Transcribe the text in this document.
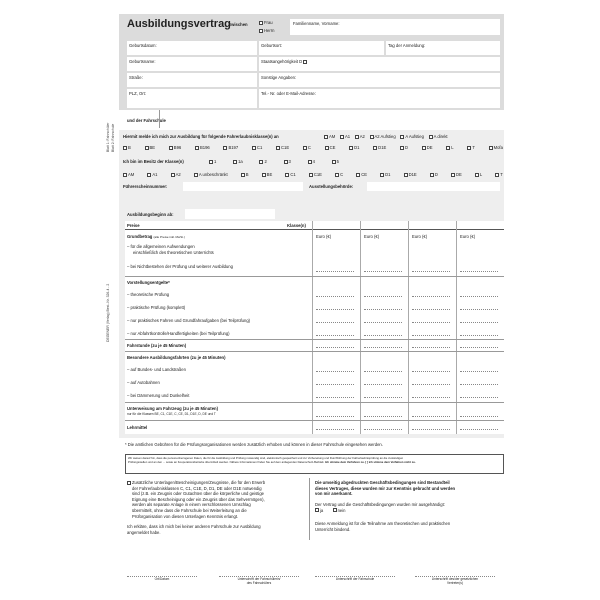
Blatt 1: Fahrschüler Blatt 2: Fahrschule
DEGENER (Verlag) Best.-Nr. 326-4 - 2
Ausbildungsvertrag
zwischen	Frau
Herrn
Familienname, Vorname:
Geburtsdatum:	Geburtsort:	Tag der Anmeldung:
Geburtsname:	Staatsangehörigkeit D
Straße:	Sonstige Angaben:
PLZ, Ort:	Tel.- Nr. oder E-Mail-Adresse:
und der Fahrschule
Hiermit melde ich mich zur Ausbildung für folgende Fahrerlaubnisklasse(n) an	AM A1 A2 A2 Aufstieg A Aufstieg A direkt
B	BE	B96	B196	B197	C1	C1E	C	CE	D1	D1E	D	DE	L	T	Mofa
Ich bin im Besitz der Klasse(n)	1	1a	2	3	4	5
AM	A1	A2	A unbeschränkt	B	BE	C1	C1E	C	CE	D1	D1E	D	DE	L	T
Führerscheinnummer:	Ausstellungsbehörde:
Ausbildungsbeginn ab:
Preise	Klasse(n)
Grundbetrag (alle Preise inkl. MwSt.)	Euro (€)	Euro (€)	Euro (€)	Euro (€)
– für die allgemeinen Aufwendungen
einschließlich des theoretischen Unterrichts
– bei Nichtbestehen der Prüfung und weiterer Ausbildung
Vorstellungsentgelte*
– theoretische Prüfung
– praktische Prüfung (komplett)
– nur praktisches Fahren und Grundfahraufgaben (bei Teilprüfung)
– nur Abfahrtkontrolle/Handfertigkeiten (bei Teilprüfung)
Fahrstunde (zu je 45 Minuten)
Besondere Ausbildungsfahrten (zu je 45 Minuten)
– auf Bundes- und Landstraßen
– auf Autobahnen
– bei Dämmerung und Dunkelheit
Unterweisung am Fahrzeug (zu je 45 Minuten)
nur für die Klassen BE, C1, C1E, C, CE, D1, D1E, D, DE und T
Lehrmittel
* Die amtlichen Gebühren für die Prüfungsorganisationen werden zusätzlich erhoben und können in dieser Fahrschule eingesehen werden.
Wir weisen darauf hin, dass die personenbezogenen Daten, die für die Ausbildung und Prüfung notwendig sind, elektronisch gespeichert und zur Vorbereitung und Durchführung der Fahrerlaubnisprüfung an die zuständigen
Prüfungsstellen und an den ... sowie an Kooperationsbetriebe übermittelt werden. Nähere Informationen finden Sie auf dem anliegenden Datenschutz-Beiblatt. Ich stimme dem Verfahren zu. [ ] Ich stimme dem Verfahren nicht zu.
Zusätzliche Unterlagen/Bescheinigungen/Zeugnisse, die für den Erwerb
der Fahrerlaubnisklassen C, C1, C1E, D, D1, DE oder D1E notwendig
sind (z.B. ein Zeugnis oder Gutachten über die körperliche und geistige
Eignung eine Bescheinigung oder ein Zeugnis über das Sehvermögen),
werden als separate Anlage in einem verschlossenen Umschlag
übermittelt, ohne dass die Fahrschule bei Weiterleitung an die
Prüforganisation von diesen Unterlagen Kenntnis erlangt.
Ich erkläre, dass ich mich bei keiner anderen Fahrschule zur Ausbildung
angemeldet habe.
Die umseitig abgedruckten Geschäftsbedingungen sind Bestandteil
dieses Vertrages, diese wurden mir zur Kenntnis gebracht und werden
von mir anerkannt.
Der Vertrag und die Geschäftsbedingungen wurden mir ausgehändigt:
ja	nein
Diese Anmeldung ist für die Teilnahme am theoretischen und praktischen
Unterricht bindend.
Ort/Datum	Unterschrift der Fahrschülerin/
des Fahrschülers
Unterschrift der Fahrschule	Unterschrift des/der gesetzlichen
Vertreter(s)
